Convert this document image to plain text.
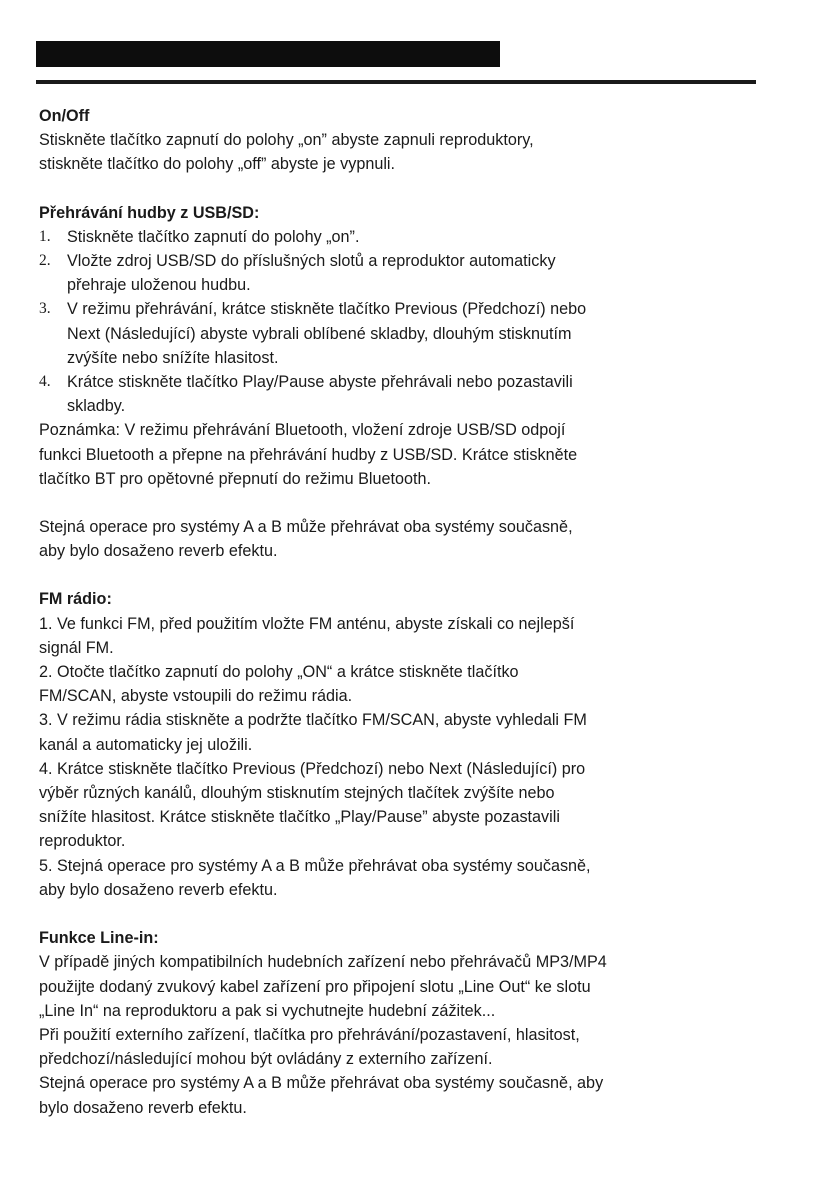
On/Off

Stiskněte tlačítko zapnutí do polohy „on” abyste zapnuli reproduktory,

stiskněte tlačítko do polohy „off” abyste je vypnuli.

Přehrávání hudby z USB/SD:

1. Stiskněte tlačítko zapnutí do polohy „on”.
2. Vložte zdroj USB/SD do příslušných slotů a reproduktor automaticky
přehraje uloženou hudbu.
3. V režimu přehrávání, krátce stiskněte tlačítko Previous (Předchozí) nebo
Next (Následující) abyste vybrali oblíbené skladby, dlouhým stisknutím
zvýšíte nebo snížíte hlasitost.
4. Krátce stiskněte tlačítko Play/Pause abyste přehrávali nebo pozastavili
skladby.

Poznámka: V režimu přehrávání Bluetooth, vložení zdroje USB/SD odpojí

funkci Bluetooth a přepne na přehrávání hudby z USB/SD. Krátce stiskněte

tlačítko BT pro opětovné přepnutí do režimu Bluetooth.

Stejná operace pro systémy A a B může přehrávat oba systémy současně,

aby bylo dosaženo reverb efektu.

FM rádio:

1. Ve funkci FM, před použitím vložte FM anténu, abyste získali co nejlepší

signál FM.

2. Otočte tlačítko zapnutí do polohy „ON“ a krátce stiskněte tlačítko

FM/SCAN, abyste vstoupili do režimu rádia.

3. V režimu rádia stiskněte a podržte tlačítko FM/SCAN, abyste vyhledali FM

kanál a automaticky jej uložili.

4. Krátce stiskněte tlačítko Previous (Předchozí) nebo Next (Následující) pro

výběr různých kanálů, dlouhým stisknutím stejných tlačítek zvýšíte nebo

snížíte hlasitost. Krátce stiskněte tlačítko „Play/Pause” abyste pozastavili

reproduktor.

5. Stejná operace pro systémy A a B může přehrávat oba systémy současně,

aby bylo dosaženo reverb efektu.

Funkce Line-in:

V případě jiných kompatibilních hudebních zařízení nebo přehrávačů MP3/MP4

použijte dodaný zvukový kabel zařízení pro připojení slotu „Line Out“ ke slotu

„Line In“ na reproduktoru a pak si vychutnejte hudební zážitek...

Při použití externího zařízení, tlačítka pro přehrávání/pozastavení, hlasitost,

předchozí/následující mohou být ovládány z externího zařízení.

Stejná operace pro systémy A a B může přehrávat oba systémy současně, aby

bylo dosaženo reverb efektu.
